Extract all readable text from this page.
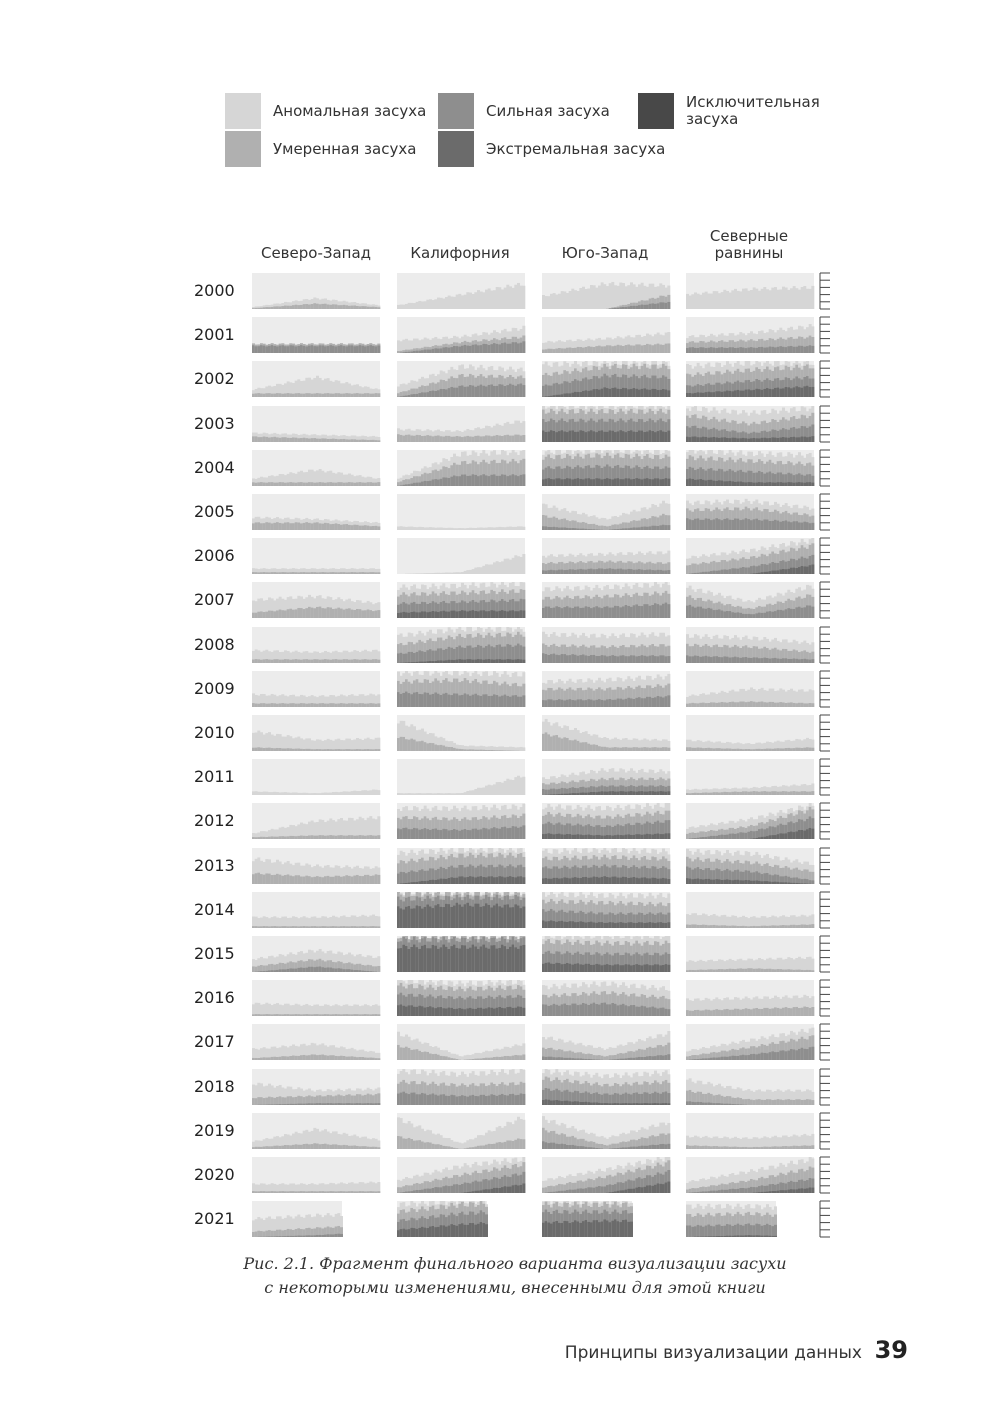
Аномальная засуха
Умеренная засуха
Сильная засуха
Экстремальная засуха
Исключительная
засуха
Северо-Запад	Калифорния	Юго-Запад
Северные
равнины
2000
2001
2002
2003
2004
2005
2006
2007
2008
2009
2010
2011
2012
2013
2014
2015
2016
2017
2018
2019
2020
2021
Рис. 2.1. Фрагмент финального варианта визуализации засухи
с некоторыми изменениями, внесенными для этой книги
Принципы визуализации данных 39
